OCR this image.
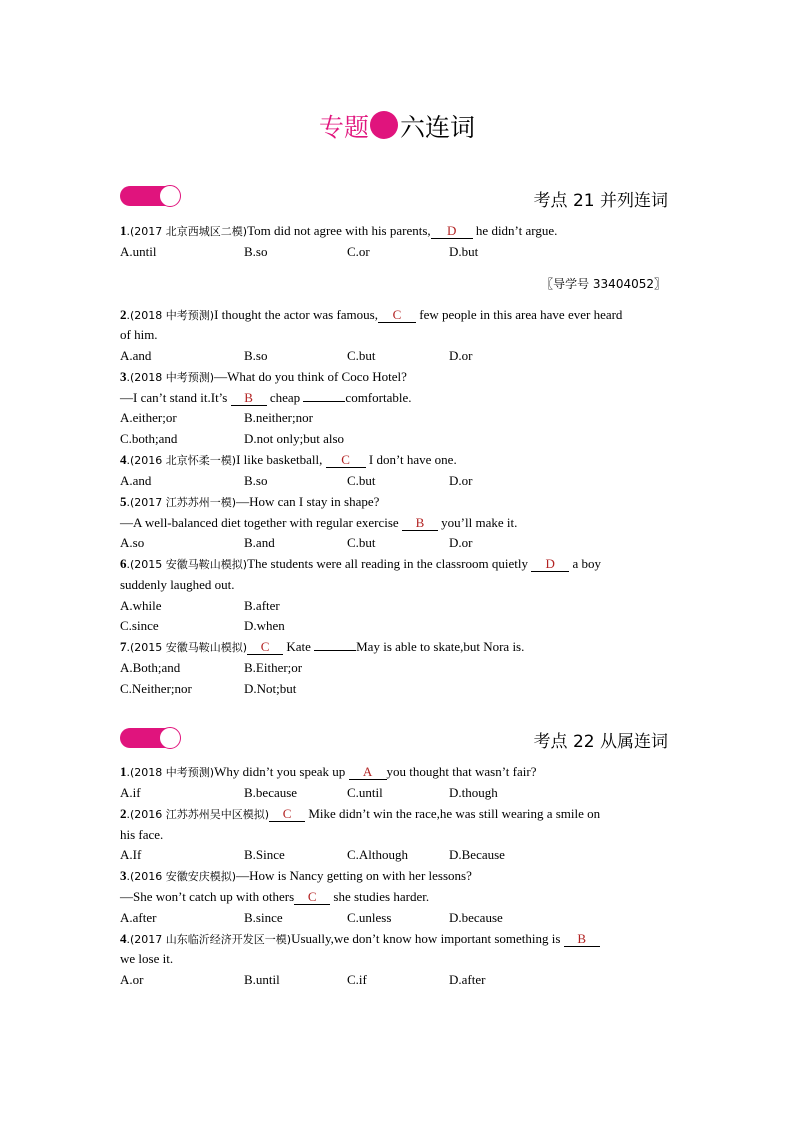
专题 六连词
考点 21 并列连词
1.(2017 北京西城区二模)Tom did not agree with his parents, D he didn’t argue.
A.until	B.so	C.or	D.but
〖导学号 33404052〗
2.(2018 中考预测)I thought the actor was famous, C few people in this area have ever heard
of him.
A.and	B.so	C.but	D.or
3.(2018 中考预测)—What do you think of Coco Hotel?
—I can’t stand it.It’s B cheap	comfortable.
A.either;or	B.neither;nor
C.both;and	D.not only;but also
4.(2016 北京怀柔一模)I like basketball, C I don’t have one.
A.and	B.so	C.but	D.or
5.(2017 江苏苏州一模)—How can I stay in shape?
—A well-balanced diet together with regular exercise B you’ll make it.
A.so	B.and	C.but	D.or
6.(2015 安徽马鞍山模拟)The students were all reading in the classroom quietly D a boy
suddenly laughed out.
A.while	B.after
C.since	D.when
7.(2015 安徽马鞍山模拟) C Kate	May is able to skate,but Nora is.
A.Both;and	B.Either;or
C.Neither;nor	D.Not;but
考点 22 从属连词
1.(2018 中考预测)Why didn’t you speak up A you thought that wasn’t fair?
A.if	B.because	C.until	D.though
2.(2016 江苏苏州吴中区模拟) C Mike didn’t win the race,he was still wearing a smile on
his face.
A.If	B.Since	C.Although	D.Because
3.(2016 安徽安庆模拟)—How is Nancy getting on with her lessons?
—She won’t catch up with others C she studies harder.
A.after	B.since	C.unless	D.because
4.(2017 山东临沂经济开发区一模)Usually,we don’t know how important something is B
we lose it.
A.or	B.until	C.if	D.after
